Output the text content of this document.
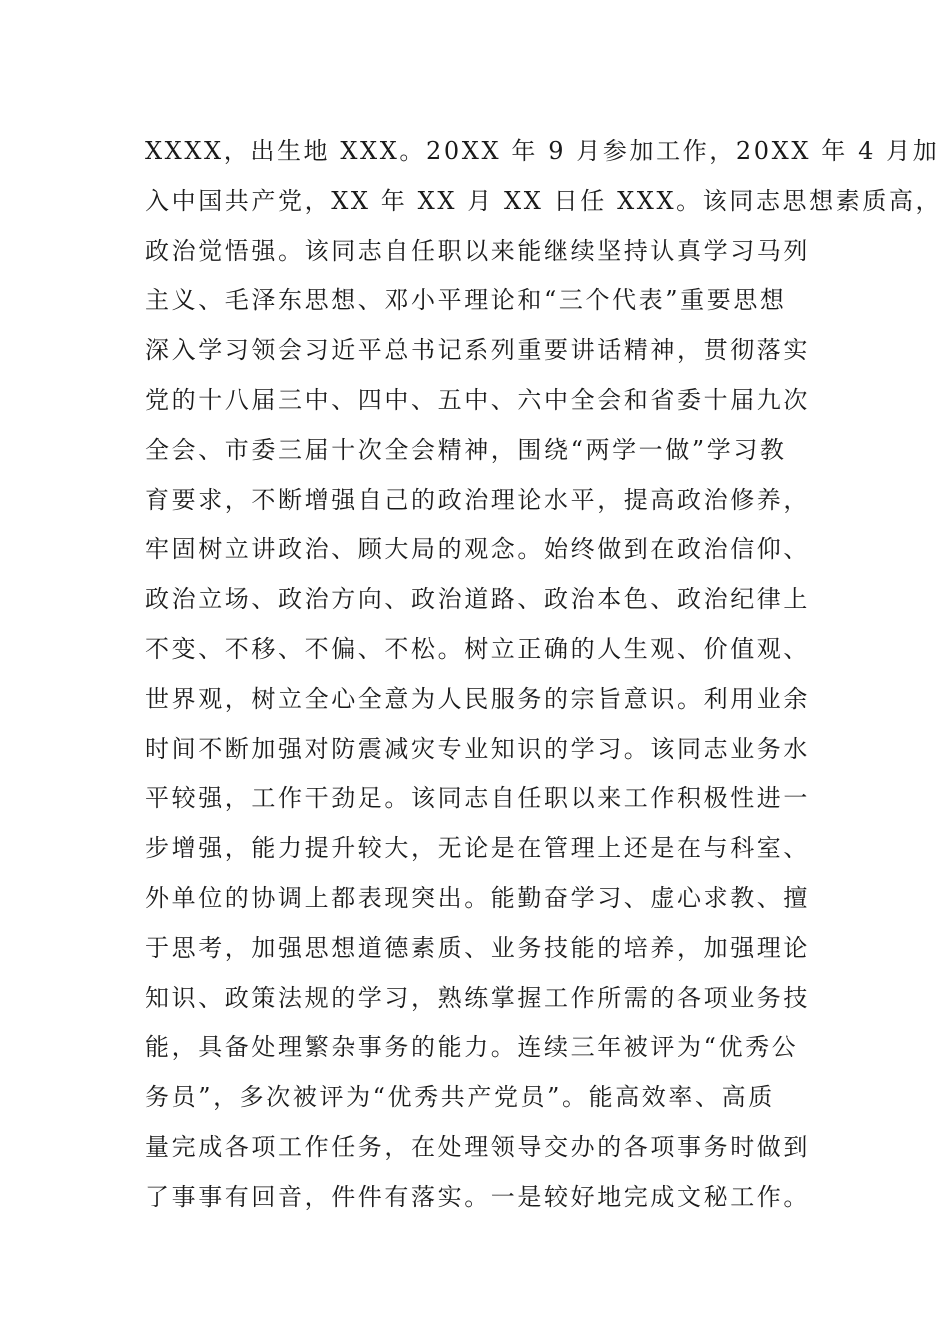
XXXX，出生地 XXX。20XX 年 9 月参加工作，20XX 年 4 月加
入中国共产党，XX 年 XX 月 XX 日任 XXX。该同志思想素质高，
政治觉悟强。该同志自任职以来能继续坚持认真学习马列
主义、毛泽东思想、邓小平理论和“三个代表”重要思想
深入学习领会习近平总书记系列重要讲话精神，贯彻落实
党的十八届三中、四中、五中、六中全会和省委十届九次
全会、市委三届十次全会精神，围绕“两学一做”学习教
育要求，不断增强自己的政治理论水平，提高政治修养，
牢固树立讲政治、顾大局的观念。始终做到在政治信仰、
政治立场、政治方向、政治道路、政治本色、政治纪律上
不变、不移、不偏、不松。树立正确的人生观、价值观、
世界观，树立全心全意为人民服务的宗旨意识。利用业余
时间不断加强对防震减灾专业知识的学习。该同志业务水
平较强，工作干劲足。该同志自任职以来工作积极性进一
步增强，能力提升较大，无论是在管理上还是在与科室、
外单位的协调上都表现突出。能勤奋学习、虚心求教、擅
于思考，加强思想道德素质、业务技能的培养，加强理论
知识、政策法规的学习，熟练掌握工作所需的各项业务技
能，具备处理繁杂事务的能力。连续三年被评为“优秀公
务员”，多次被评为“优秀共产党员”。能高效率、高质
量完成各项工作任务，在处理领导交办的各项事务时做到
了事事有回音，件件有落实。一是较好地完成文秘工作。
